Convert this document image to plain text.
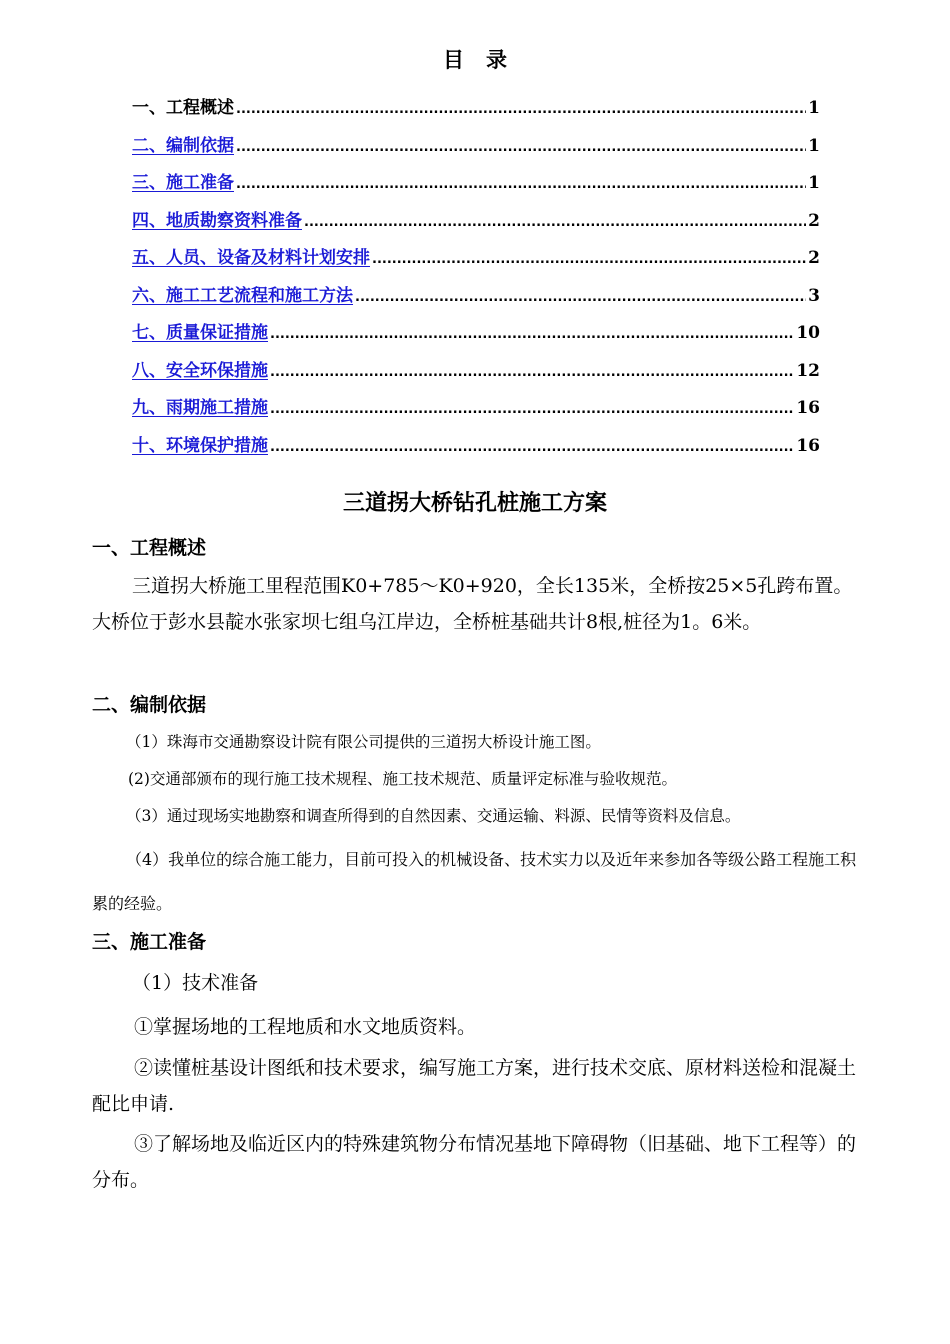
目录
一、工程概述 .....	1
二、编制依据 .....	1
三、施工准备 .....	1
四、地质勘察资料准备 .....	2
五、人员、设备及材料计划安排 .....	2
六、施工工艺流程和施工方法 .....	3
七、质量保证措施 .....	10
八、安全环保措施 .....	12
九、雨期施工措施 .....	16
十、环境保护措施 .....	16
三道拐大桥钻孔桩施工方案
一、工程概述
三道拐大桥施工里程范围K0+785～K0+920，全长135米，全桥按25×5孔跨布置。大桥位于彭水县靛水张家坝七组乌江岸边，全桥桩基础共计8根,桩径为1。6米。
二、编制依据
（1）珠海市交通勘察设计院有限公司提供的三道拐大桥设计施工图。
(2)交通部颁布的现行施工技术规程、施工技术规范、质量评定标准与验收规范。
（3）通过现场实地勘察和调查所得到的自然因素、交通运输、料源、民情等资料及信息。
（4）我单位的综合施工能力，目前可投入的机械设备、技术实力以及近年来参加各等级公路工程施工积累的经验。
三、施工准备
（1）技术准备
①掌握场地的工程地质和水文地质资料。
②读懂桩基设计图纸和技术要求，编写施工方案，进行技术交底、原材料送检和混凝土配比申请.
③了解场地及临近区内的特殊建筑物分布情况基地下障碍物（旧基础、地下工程等）的分布。
